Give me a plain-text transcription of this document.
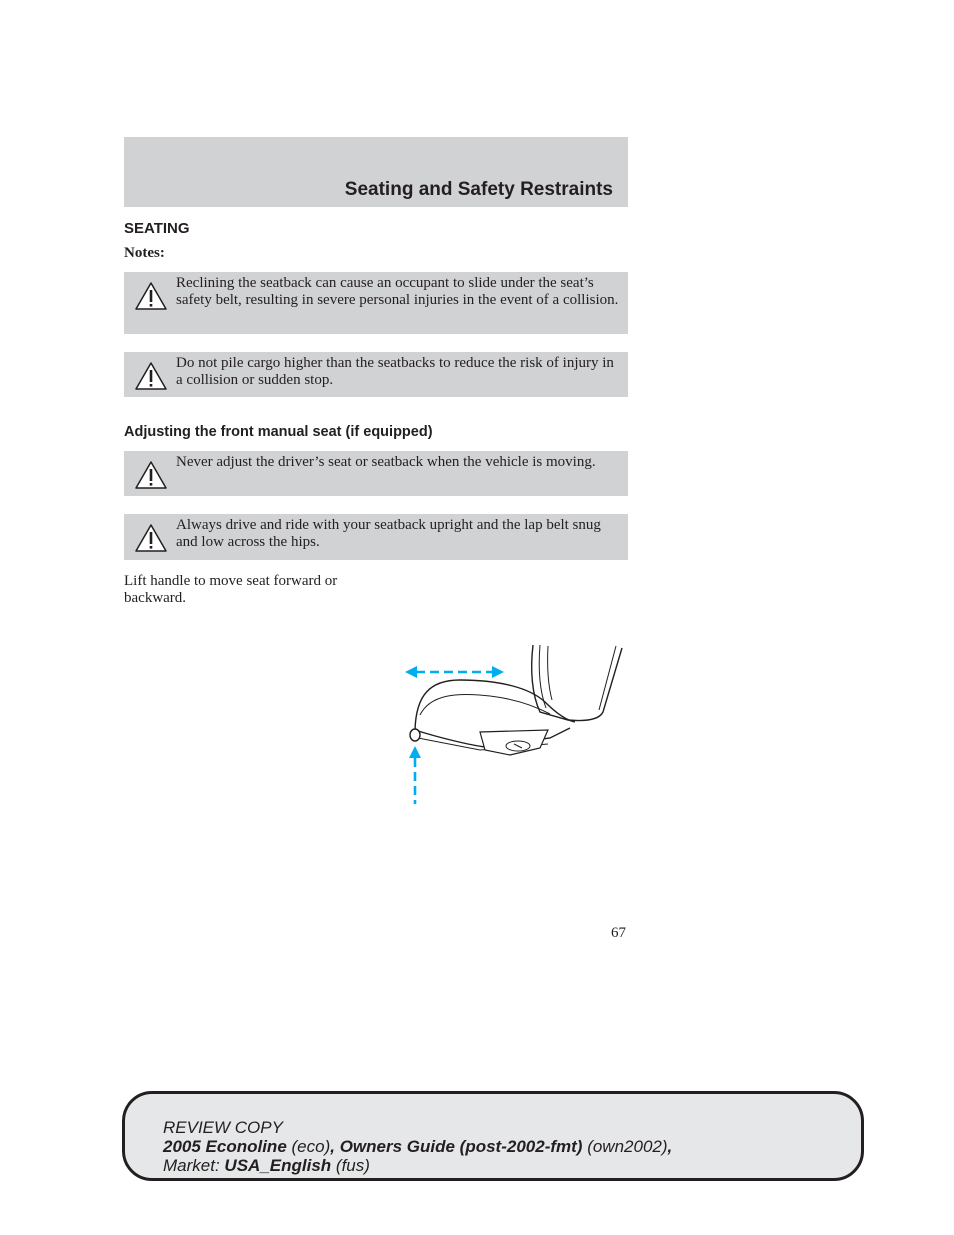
Seating and Safety Restraints
SEATING
Notes:
Reclining the seatback can cause an occupant to slide under the seat’s safety belt, resulting in severe personal injuries in the event of a collision.
Do not pile cargo higher than the seatbacks to reduce the risk of injury in a collision or sudden stop.
Adjusting the front manual seat (if equipped)
Never adjust the driver’s seat or seatback when the vehicle is moving.
Always drive and ride with your seatback upright and the lap belt snug and low across the hips.
Lift handle to move seat forward or backward.
67
REVIEW COPY
2005 Econoline (eco), Owners Guide (post-2002-fmt) (own2002),
Market: USA_English (fus)
